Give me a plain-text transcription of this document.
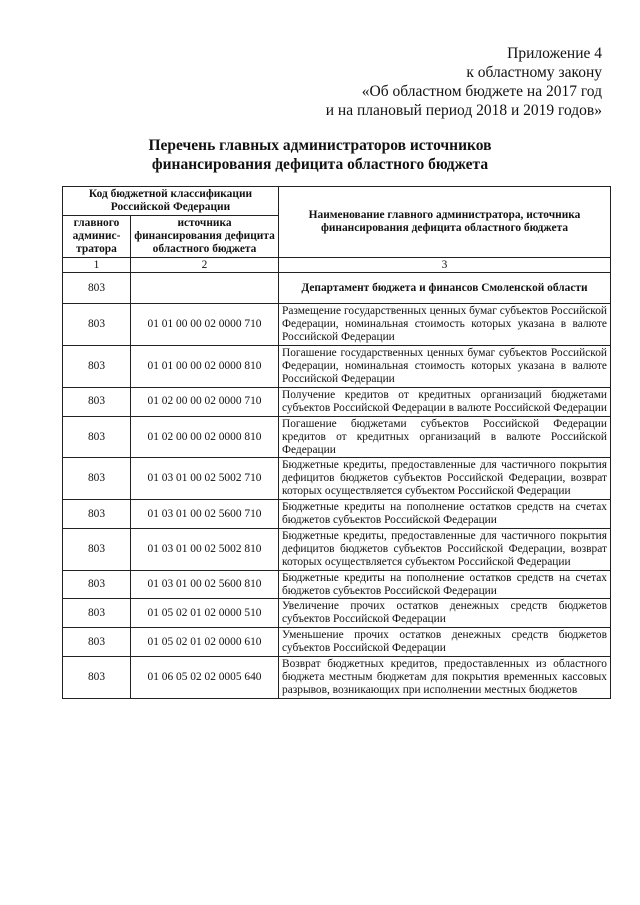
Приложение 4
к областному закону
«Об областном бюджете на 2017 год
и на плановый период 2018 и 2019 годов»
Перечень главных администраторов источников
финансирования дефицита областного бюджета
Код бюджетной классификации Российской Федерации		Наименование главного администратора, источника финансирования дефицита областного бюджета
главного админис-тратора	источника финансирования дефицита областного бюджета	
1	2	3
803		Департамент бюджета и финансов Смоленской области
803	01 01 00 00 02 0000 710	Размещение государственных ценных бумаг субъектов Российской Федерации, номинальная стоимость которых указана в валюте Российской Федерации
803	01 01 00 00 02 0000 810	Погашение государственных ценных бумаг субъектов Российской Федерации, номинальная стоимость которых указана в валюте Российской Федерации
803	01 02 00 00 02 0000 710	Получение кредитов от кредитных организаций бюджетами субъектов Российской Федерации в валюте Российской Федерации
803	01 02 00 00 02 0000 810	Погашение бюджетами субъектов Российской Федерации кредитов от кредитных организаций в валюте Российской Федерации
803	01 03 01 00 02 5002 710	Бюджетные кредиты, предоставленные для частичного покрытия дефицитов бюджетов субъектов Российской Федерации, возврат которых осуществляется субъектом Российской Федерации
803	01 03 01 00 02 5600 710	Бюджетные кредиты на пополнение остатков средств на счетах бюджетов субъектов Российской Федерации
803	01 03 01 00 02 5002 810	Бюджетные кредиты, предоставленные для частичного покрытия дефицитов бюджетов субъектов Российской Федерации, возврат которых осуществляется субъектом Российской Федерации
803	01 03 01 00 02 5600 810	Бюджетные кредиты на пополнение остатков средств на счетах бюджетов субъектов Российской Федерации
803	01 05 02 01 02 0000 510	Увеличение прочих остатков денежных средств бюджетов субъектов Российской Федерации
803	01 05 02 01 02 0000 610	Уменьшение прочих остатков денежных средств бюджетов субъектов Российской Федерации
803	01 06 05 02 02 0005 640	Возврат бюджетных кредитов, предоставленных из областного бюджета местным бюджетам для покрытия временных кассовых разрывов, возникающих при исполнении местных бюджетов
